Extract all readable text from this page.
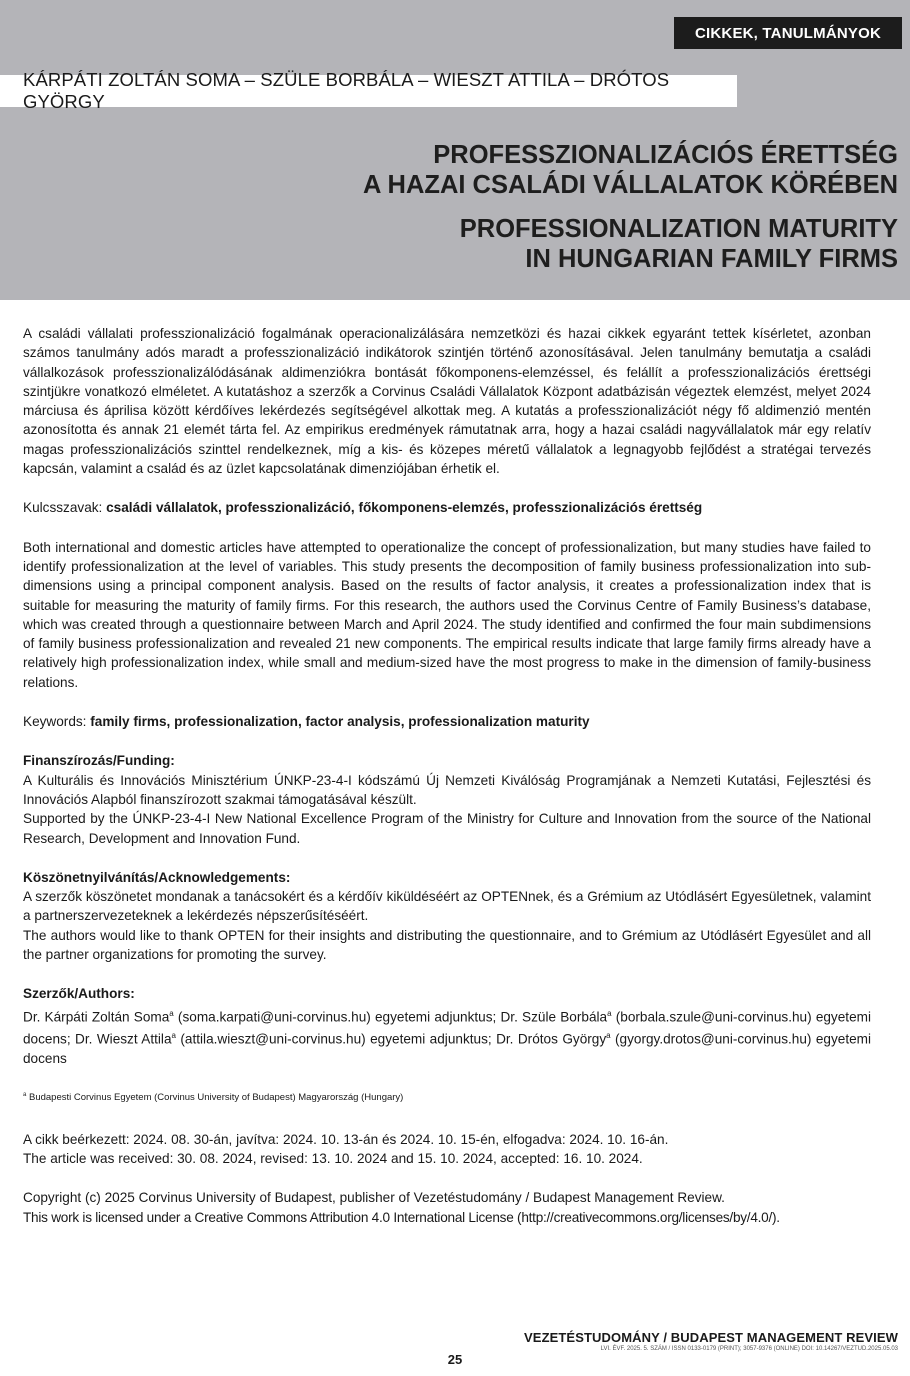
CIKKEK, TANULMÁNYOK
KÁRPÁTI ZOLTÁN SOMA – SZÜLE BORBÁLA – WIESZT ATTILA – DRÓTOS GYÖRGY
PROFESSZIONALIZÁCIÓS ÉRETTSÉG
A HAZAI CSALÁDI VÁLLALATOK KÖRÉBEN
PROFESSIONALIZATION MATURITY
IN HUNGARIAN FAMILY FIRMS

A családi vállalati professzionalizáció fogalmának operacionalizálására nemzetközi és hazai cikkek egyaránt tettek kísérletet, azonban számos tanulmány adós maradt a professzionalizáció indikátorok szintjén történő azonosításával. Jelen tanulmány bemutatja a családi vállalkozások professzionalizálódásának aldimenziókra bontását főkomponens-elemzéssel, és felállít a professzionalizációs érettségi szintjükre vonatkozó elméletet. A kutatáshoz a szerzők a Corvinus Családi Vállalatok Központ adatbázisán végeztek elemzést, melyet 2024 márciusa és áprilisa között kérdőíves lekérdezés segítségével alkottak meg. A kutatás a professzionalizációt négy fő aldimenzió mentén azonosította és annak 21 elemét tárta fel. Az empirikus eredmények rámutatnak arra, hogy a hazai családi nagyvállalatok már egy relatív magas professzionalizációs szinttel rendelkeznek, míg a kis- és közepes méretű vállalatok a legnagyobb fejlődést a stratégai tervezés kapcsán, valamint a család és az üzlet kapcsolatának dimenziójában érhetik el.

Kulcsszavak: családi vállalatok, professzionalizáció, főkomponens-elemzés, professzionalizációs érettség

Both international and domestic articles have attempted to operationalize the concept of professionalization, but many studies have failed to identify professionalization at the level of variables. This study presents the decomposition of family business professionalization into sub-dimensions using a principal component analysis. Based on the results of factor analysis, it creates a professionalization index that is suitable for measuring the maturity of family firms. For this research, the authors used the Corvinus Centre of Family Business’s database, which was created through a questionnaire between March and April 2024. The study identified and confirmed the four main subdimensions of family business professionalization and revealed 21 new components. The empirical results indicate that large family firms already have a relatively high professionalization index, while small and medium-sized have the most progress to make in the dimension of family-business relations.

Keywords: family firms, professionalization, factor analysis, professionalization maturity

Finanszírozás/Funding:

A Kulturális és Innovációs Minisztérium ÚNKP-23-4-I kódszámú Új Nemzeti Kiválóság Programjának a Nemzeti Kutatási, Fejlesztési és Innovációs Alapból finanszírozott szakmai támogatásával készült.

Supported by the ÚNKP-23-4-I New National Excellence Program of the Ministry for Culture and Innovation from the source of the National Research, Development and Innovation Fund.

Köszönetnyilvánítás/Acknowledgements:

A szerzők köszönetet mondanak a tanácsokért és a kérdőív kiküldéséért az OPTENnek, és a Grémium az Utódlásért Egyesületnek, valamint a partnerszervezeteknek a lekérdezés népszerűsítéséért.

The authors would like to thank OPTEN for their insights and distributing the questionnaire, and to Grémium az Utódlásért Egyesület and all the partner organizations for promoting the survey.

Szerzők/Authors:

Dr. Kárpáti Zoltán Soma$^a$ (soma.karpati@uni-corvinus.hu) egyetemi adjunktus; Dr. Szüle Borbála$^a$ (borbala.szule@uni-corvinus.hu) egyetemi docens; Dr. Wieszt Attila$^a$ (attila.wieszt@uni-corvinus.hu) egyetemi adjunktus; Dr. Drótos György$^a$ (gyorgy.drotos@uni-corvinus.hu) egyetemi docens

$^a$ Budapesti Corvinus Egyetem (Corvinus University of Budapest) Magyarország (Hungary)

A cikk beérkezett: 2024. 08. 30-án, javítva: 2024. 10. 13-án és 2024. 10. 15-én, elfogadva: 2024. 10. 16-án.

The article was received: 30. 08. 2024, revised: 13. 10. 2024 and 15. 10. 2024, accepted: 16. 10. 2024.

Copyright (c) 2025 Corvinus University of Budapest, publisher of Vezetéstudomány / Budapest Management Review.

This work is licensed under a Creative Commons Attribution 4.0 International License (http://creativecommons.org/licenses/by/4.0/).

VEZETÉSTUDOMÁNY / BUDAPEST MANAGEMENT REVIEW
LVI. ÉVF. 2025. 5. SZÁM / ISSN 0133-0179 (PRINT); 3057-9376 (ONLINE) DOI: 10.14267/VEZTUD.2025.05.03
25
